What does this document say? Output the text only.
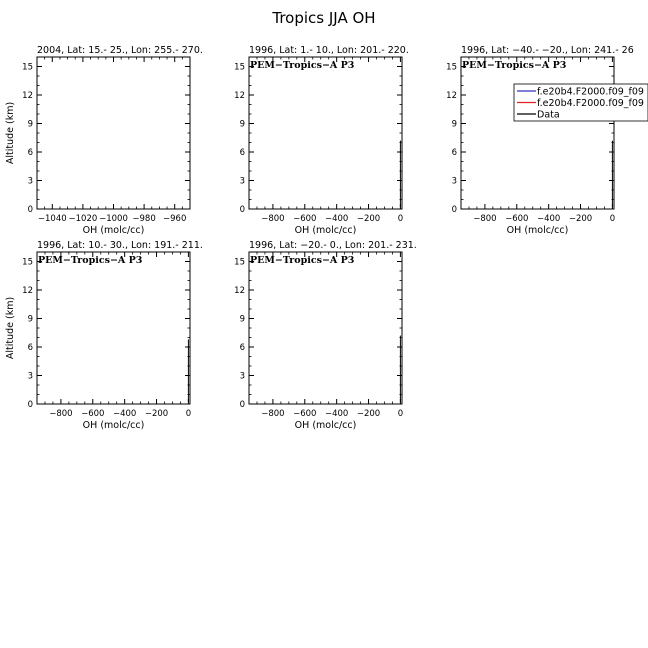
Tropics JJA OH
2004, Lat: 15.- 25., Lon: 255.- 270.
0
3
6
9
12
15
−1040 −1020 −1000 −980 −960
OH (molc/cc)
Altitude (km)
1996, Lat: 1.- 10., Lon: 201.- 220.
PEM−Tropics−A P3
0
3
6
9
12
15
−800 −600 −400 −200 0
OH (molc/cc)
1996, Lat: −40.- −20., Lon: 241.- 26
PEM−Tropics−A P3
0
3
6
9
12
15
−800 −600 −400 −200 0
OH (molc/cc)
f.e20b4.F2000.f09_f09
f.e20b4.F2000.f09_f09
Data
1996, Lat: 10.- 30., Lon: 191.- 211.
PEM−Tropics−A P3
0
3
6
9
12
15
−800 −600 −400 −200 0
OH (molc/cc)
Altitude (km)
1996, Lat: −20.- 0., Lon: 201.- 231.
PEM−Tropics−A P3
0
3
6
9
12
15
−800 −600 −400 −200 0
OH (molc/cc)
